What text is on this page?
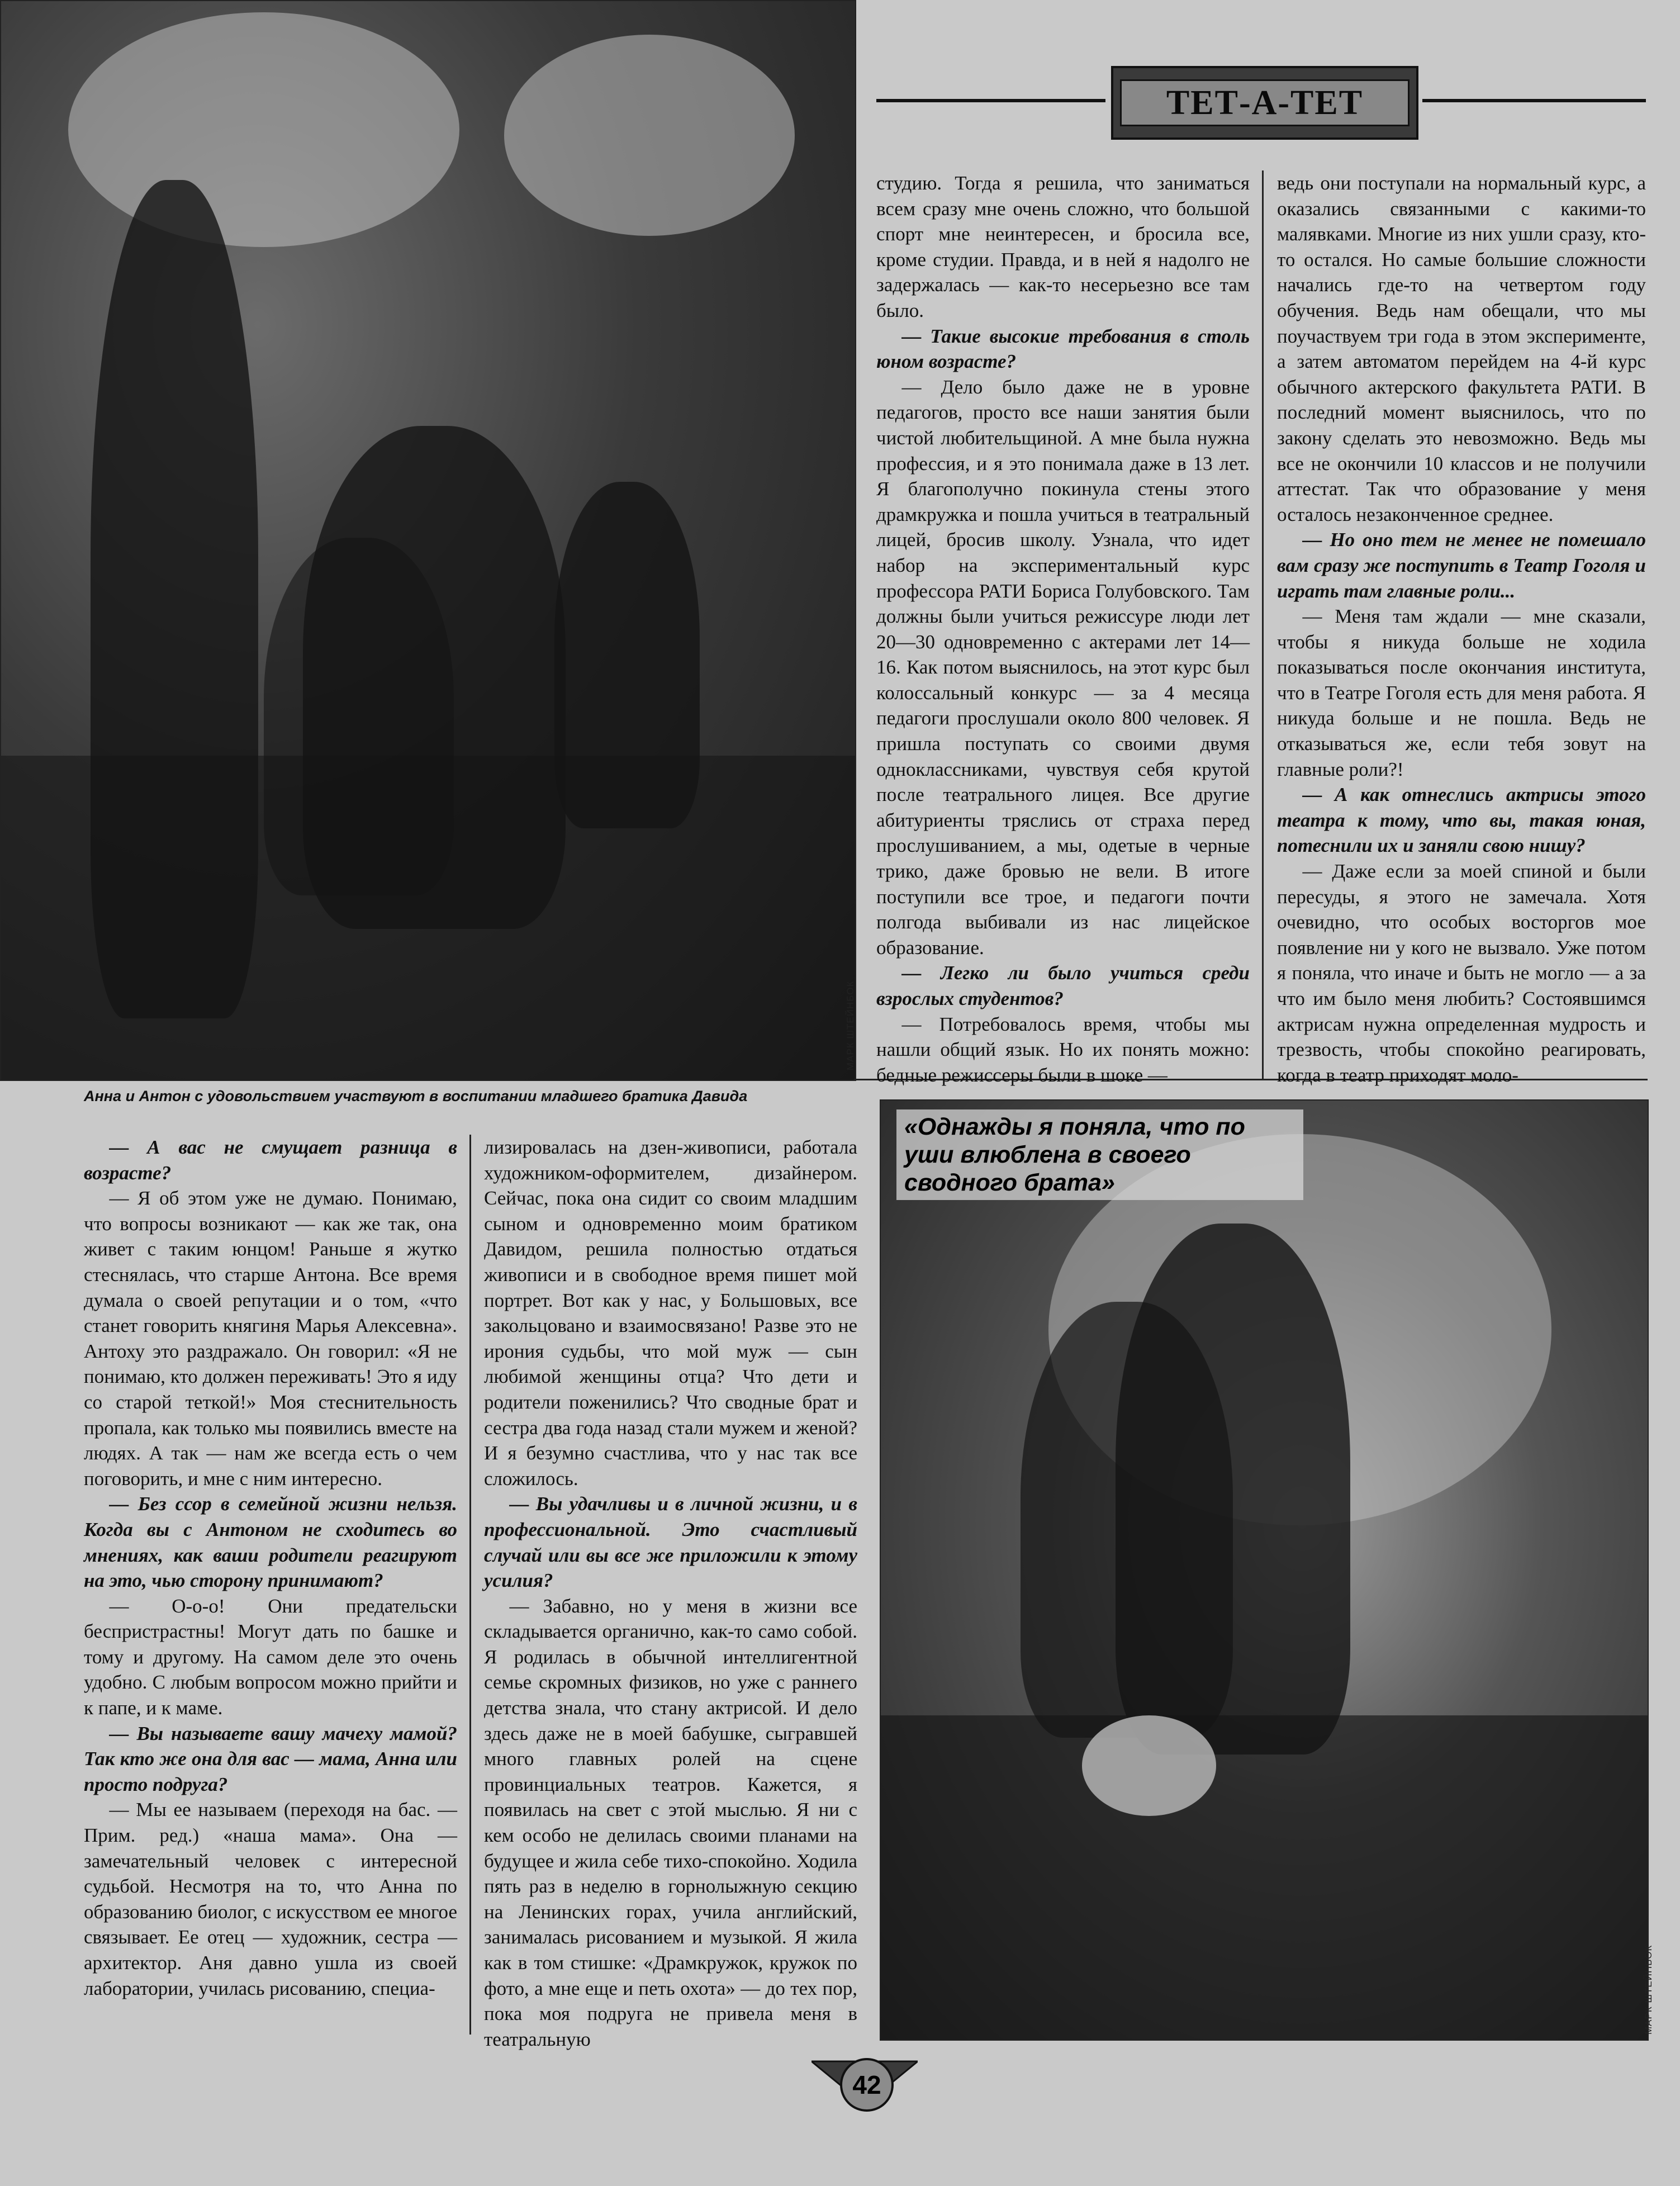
МАРК ШТЕЙНБОК
Анна и Антон с удовольствием участвуют в воспитании младшего братика Давида
ТЕТ-А-ТЕТ

студию. Тогда я решила, что заниматься всем сразу мне очень сложно, что большой спорт мне неинтересен, и бросила все, кроме студии. Правда, и в ней я надолго не задержалась — как-то несерьезно все там было.

— Такие высокие требования в столь юном возрасте?

— Дело было даже не в уровне педагогов, просто все наши занятия были чистой любительщиной. А мне была нужна профессия, и я это понимала даже в 13 лет. Я благополучно покинула стены этого драмкружка и пошла учиться в театральный лицей, бросив школу. Узнала, что идет набор на экспериментальный курс профессора РАТИ Бориса Голубовского. Там должны были учиться режиссуре люди лет 20—30 одновременно с актерами лет 14—16. Как потом выяснилось, на этот курс был колоссальный конкурс — за 4 месяца педагоги прослушали около 800 человек. Я пришла поступать со своими двумя одноклассниками, чувствуя себя крутой после театрального лицея. Все другие абитуриенты тряслись от страха перед прослушиванием, а мы, одетые в черные трико, даже бровью не вели. В итоге поступили все трое, и педагоги почти полгода выбивали из нас лицейское образование.

— Легко ли было учиться среди взрослых студентов?

— Потребовалось время, чтобы мы нашли общий язык. Но их понять можно: бедные режиссеры были в шоке —

ведь они поступали на нормальный курс, а оказались связанными с какими-то малявками. Многие из них ушли сразу, кто-то остался. Но самые большие сложности начались где-то на четвертом году обучения. Ведь нам обещали, что мы поучаствуем три года в этом эксперименте, а затем автоматом перейдем на 4-й курс обычного актерского факультета РАТИ. В последний момент выяснилось, что по закону сделать это невозможно. Ведь мы все не окончили 10 классов и не получили аттестат. Так что образование у меня осталось незаконченное среднее.

— Но оно тем не менее не помешало вам сразу же поступить в Театр Гоголя и играть там главные роли...

— Меня там ждали — мне сказали, чтобы я никуда больше не ходила показываться после окончания института, что в Театре Гоголя есть для меня работа. Я никуда больше и не пошла. Ведь не отказываться же, если тебя зовут на главные роли?!

— А как отнеслись актрисы этого театра к тому, что вы, такая юная, потеснили их и заняли свою нишу?

— Даже если за моей спиной и были пересуды, я этого не замечала. Хотя очевидно, что особых восторгов мое появление ни у кого не вызвало. Уже потом я поняла, что иначе и быть не могло — а за что им было меня любить? Состоявшимся актрисам нужна определенная мудрость и трезвость, чтобы спокойно реагировать, когда в театр приходят моло-

— А вас не смущает разница в возрасте?

— Я об этом уже не думаю. Понимаю, что вопросы возникают — как же так, она живет с таким юнцом! Раньше я жутко стеснялась, что старше Антона. Все время думала о своей репутации и о том, «что станет говорить княгиня Марья Алексевна». Антоху это раздражало. Он говорил: «Я не понимаю, кто должен переживать! Это я иду со старой теткой!» Моя стеснительность пропала, как только мы появились вместе на людях. А так — нам же всегда есть о чем поговорить, и мне с ним интересно.

— Без ссор в семейной жизни нельзя. Когда вы с Антоном не сходитесь во мнениях, как ваши родители реагируют на это, чью сторону принимают?

— О-о-о! Они предательски беспристрастны! Могут дать по башке и тому и другому. На самом деле это очень удобно. С любым вопросом можно прийти и к папе, и к маме.

— Вы называете вашу мачеху мамой? Так кто же она для вас — мама, Анна или просто подруга?

— Мы ее называем (переходя на бас. — Прим. ред.) «наша мама». Она — замечательный человек с интересной судьбой. Несмотря на то, что Анна по образованию биолог, с искусством ее многое связывает. Ее отец — художник, сестра — архитектор. Аня давно ушла из своей лаборатории, училась рисованию, специа-

лизировалась на дзен-живописи, работала художником-оформителем, дизайнером. Сейчас, пока она сидит со своим младшим сыном и одновременно моим братиком Давидом, решила полностью отдаться живописи и в свободное время пишет мой портрет. Вот как у нас, у Большовых, все закольцовано и взаимосвязано! Разве это не ирония судьбы, что мой муж — сын любимой женщины отца? Что дети и родители поженились? Что сводные брат и сестра два года назад стали мужем и женой? И я безумно счастлива, что у нас так все сложилось.

— Вы удачливы и в личной жизни, и в профессиональной. Это счастливый случай или вы все же приложили к этому усилия?

— Забавно, но у меня в жизни все складывается органично, как-то само собой. Я родилась в обычной интеллигентной семье скромных физиков, но уже с раннего детства знала, что стану актрисой. И дело здесь даже не в моей бабушке, сыгравшей много главных ролей на сцене провинциальных театров. Кажется, я появилась на свет с этой мыслью. Я ни с кем особо не делилась своими планами на будущее и жила себе тихо-спокойно. Ходила пять раз в неделю в горнолыжную секцию на Ленинских горах, учила английский, занималась рисованием и музыкой. Я жила как в том стишке: «Драмкружок, кружок по фото, а мне еще и петь охота» — до тех пор, пока моя подруга не привела меня в театральную

«Однажды я поняла, что по уши влюблена в своего сводного брата»
МАРК ШТЕЙНБОК
42
